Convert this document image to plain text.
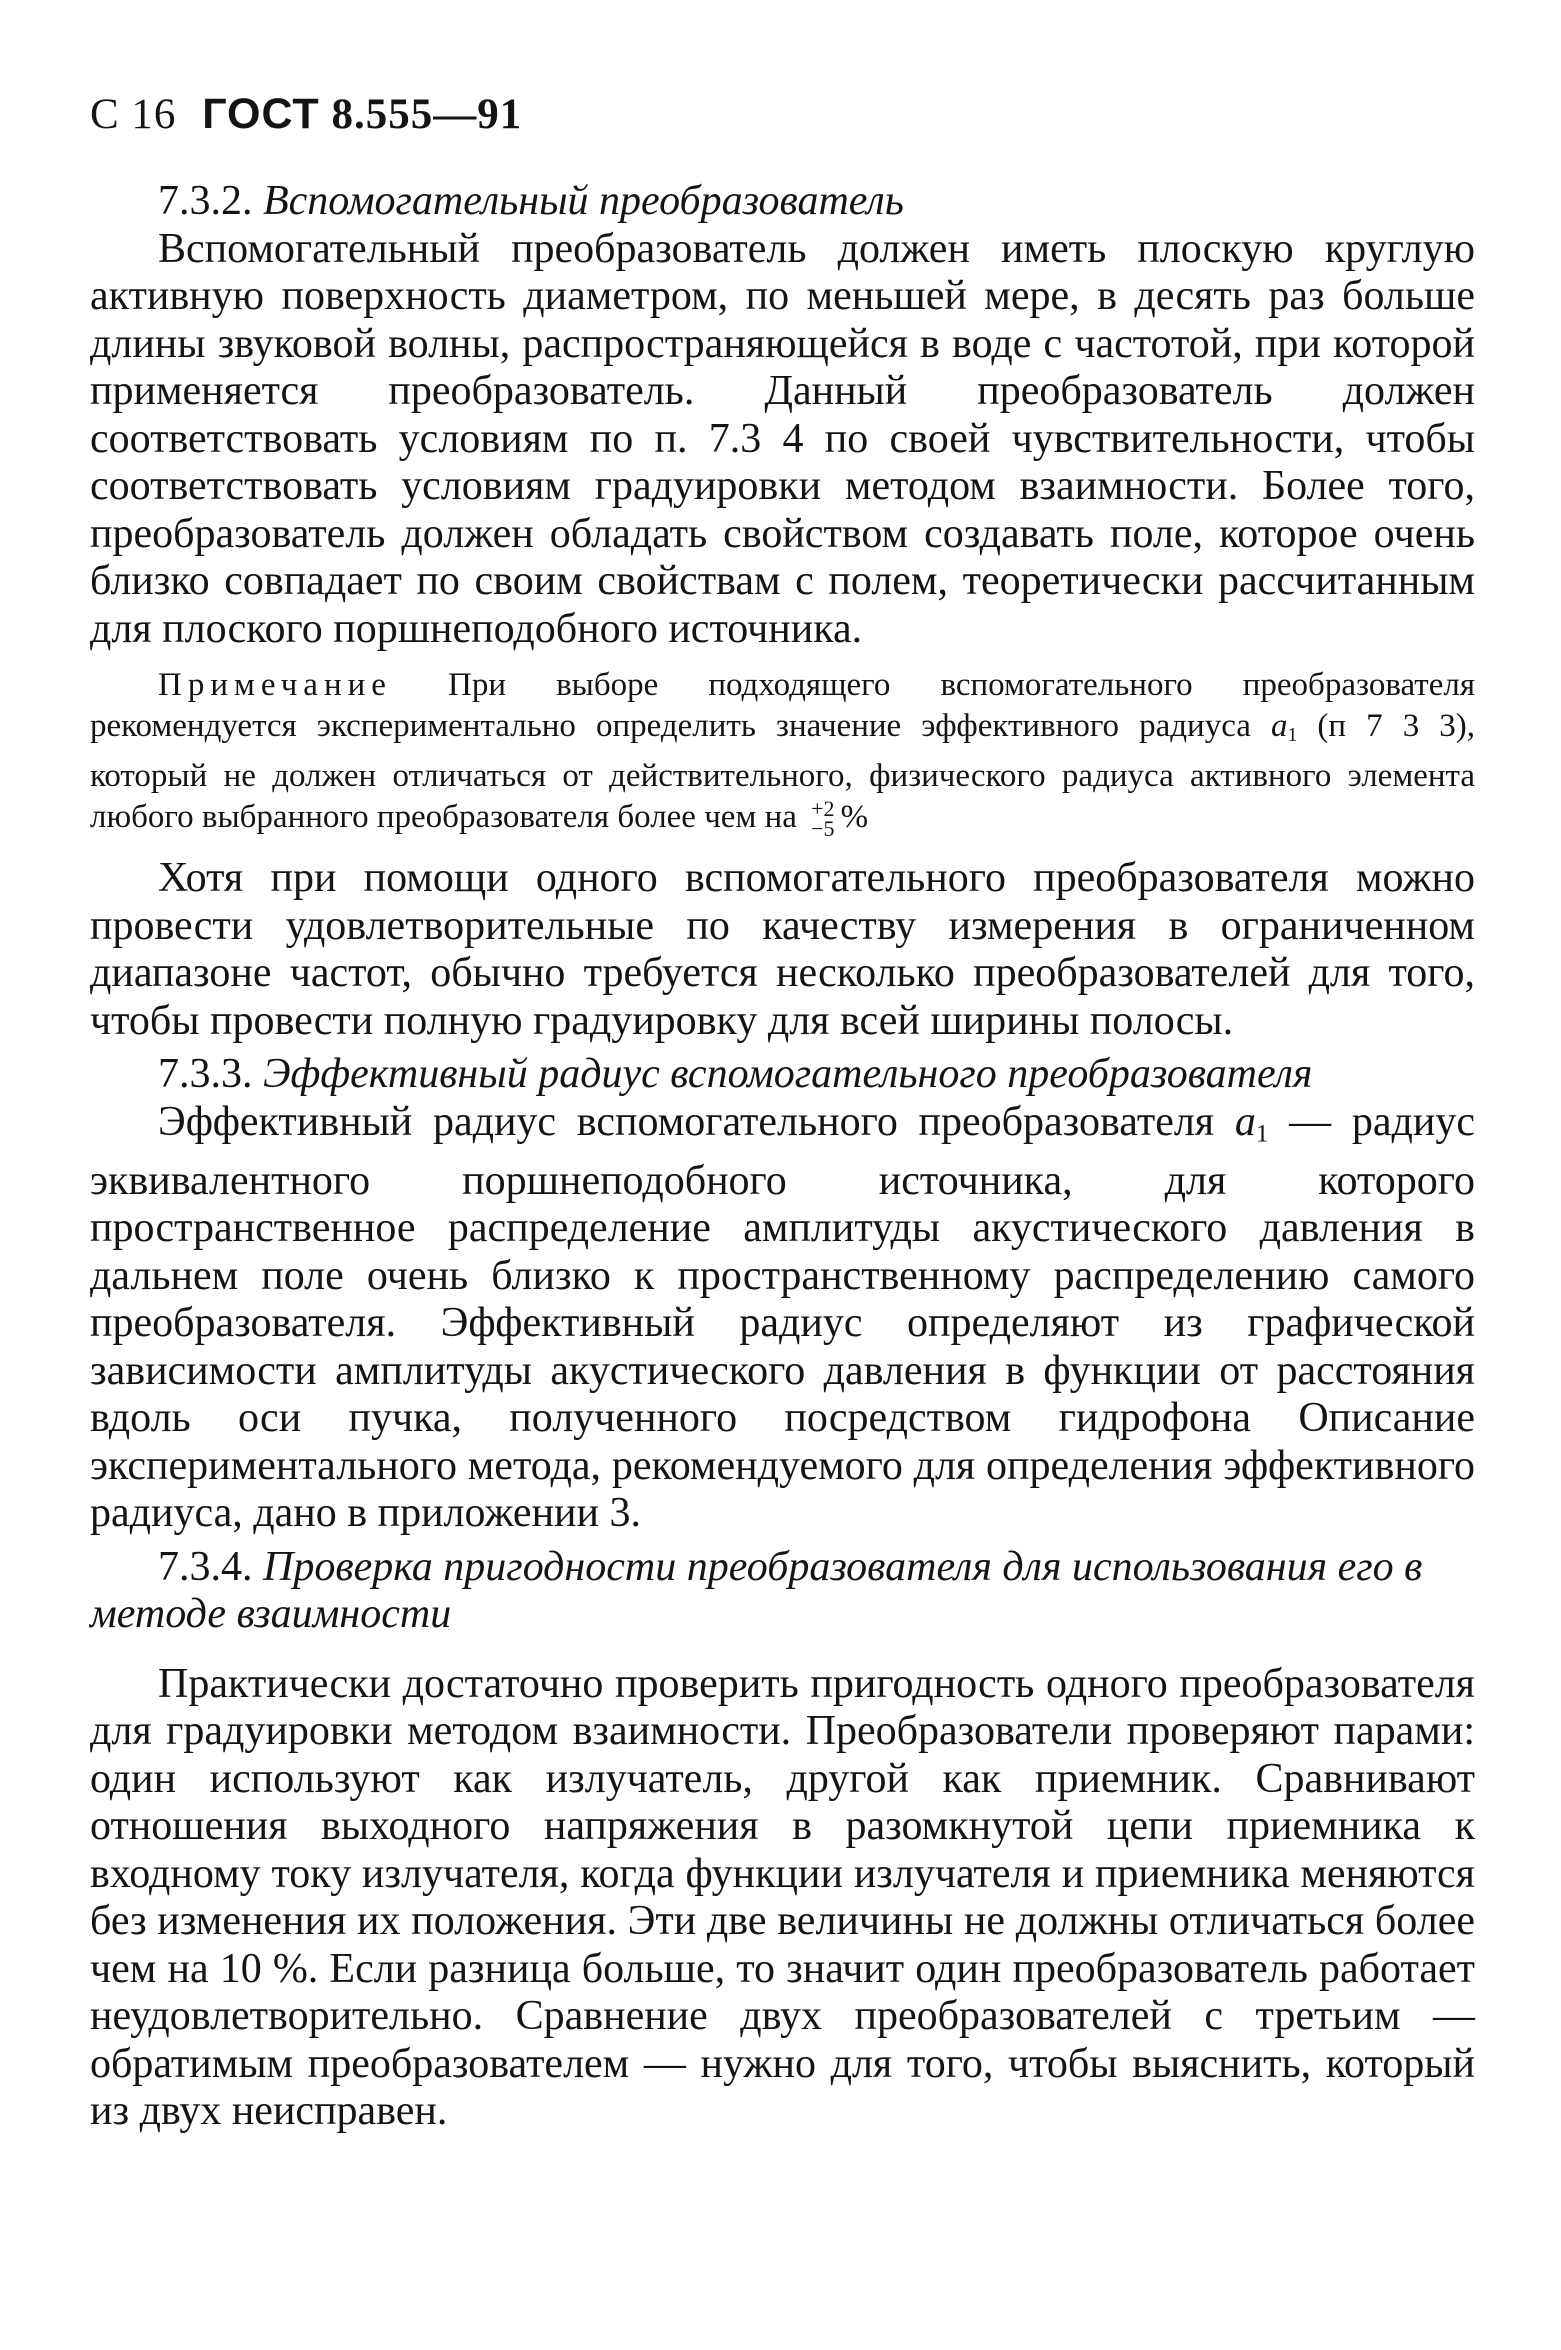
С 16 ГОСТ 8.555—91

7.3.2. Вспомогательный преобразователь

Вспомогательный преобразователь должен иметь плоскую круглую активную поверхность диаметром, по меньшей мере, в десять раз больше длины звуковой волны, распространяющейся в воде с частотой, при которой применяется преобразователь. Данный преобразователь должен соответствовать условиям по п. 7.3 4 по своей чувствительности, чтобы соответствовать условиям градуировки методом взаимности. Более того, преобразователь должен обладать свойством создавать поле, которое очень близко совпадает по своим свойствам с полем, теоретически рассчитанным для плоского поршнеподобного источника.

Примечание При выборе подходящего вспомогательного преобразователя рекомендуется экспериментально определить значение эффективного радиуса $a_1$ (п 7 3 3), который не должен отличаться от действительного, физического радиуса активного элемента любого выбранного преобразователя более чем на +2
−5 %

Хотя при помощи одного вспомогательного преобразователя можно провести удовлетворительные по качеству измерения в ограниченном диапазоне частот, обычно требуется несколько преобразователей для того, чтобы провести полную градуировку для всей ширины полосы.

7.3.3. Эффективный радиус вспомогательного преобразователя

Эффективный радиус вспомогательного преобразователя $a_1$ — радиус эквивалентного поршнеподобного источника, для которого пространственное распределение амплитуды акустического давления в дальнем поле очень близко к пространственному распределению самого преобразователя. Эффективный радиус определяют из графической зависимости амплитуды акустического давления в функции от расстояния вдоль оси пучка, полученного посредством гидрофона Описание экспериментального метода, рекомендуемого для определения эффективного радиуса, дано в приложении 3.

7.3.4. Проверка пригодности преобразователя для использования его в методе взаимности

Практически достаточно проверить пригодность одного преобразователя для градуировки методом взаимности. Преобразователи проверяют парами: один используют как излучатель, другой как приемник. Сравнивают отношения выходного напряжения в разомкнутой цепи приемника к входному току излучателя, когда функции излучателя и приемника меняются без изменения их положения. Эти две величины не должны отличаться более чем на 10 %. Если разница больше, то значит один преобразователь работает неудовлетворительно. Сравнение двух преобразователей с третьим — обратимым преобразователем — нужно для того, чтобы выяснить, который из двух неисправен.
